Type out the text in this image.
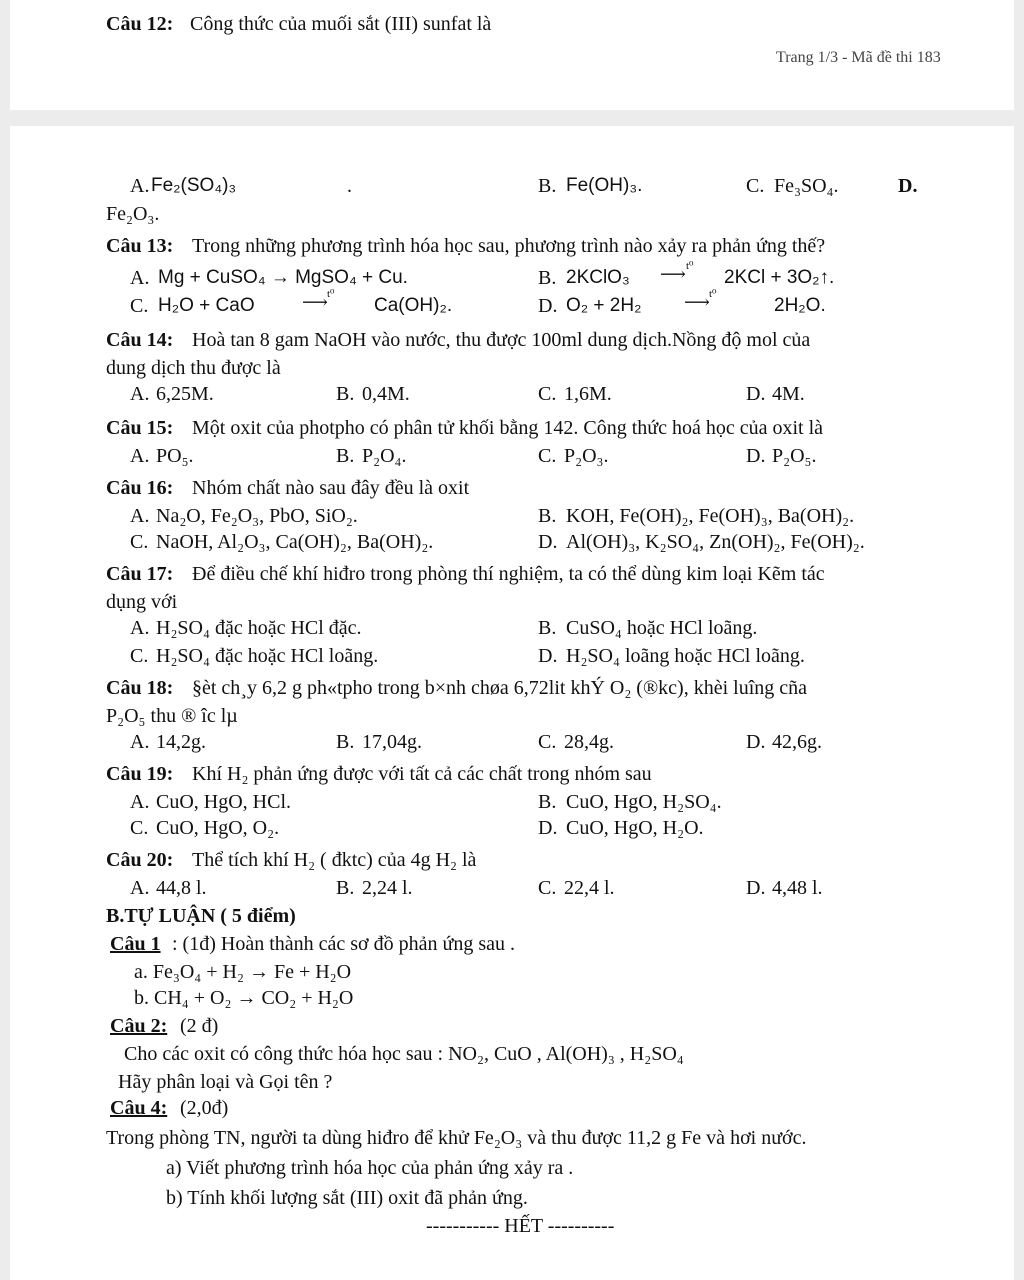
Câu 12: Công thức của muối sắt (III) sunfat là
Trang 1/3 - Mã đề thi 183
A. Fe₂(SO₄)₃	.	B. Fe(OH)₃.	C. Fe₃SO₄.	D.
Fe₂O₃.
Câu 13: Trong những phương trình hóa học sau, phương trình nào xảy ra phản ứng thế?
A. Mg + CuSO₄ → MgSO₄ + Cu.	B. 2KClO₃
t⁰
⟶ 2KCl + 3O₂↑.
C. H₂O + CaO
t⁰
⟶ Ca(OH)₂.	D. O₂ + 2H₂
t⁰
⟶	2H₂O.
Câu 14: Hoà tan 8 gam NaOH vào nước, thu được 100ml dung dịch.Nồng độ mol của
dung dịch thu được là
A. 6,25M.	B. 0,4M.	C. 1,6M.	D. 4M.
Câu 15: Một oxit của photpho có phân tử khối bằng 142. Công thức hoá học của oxit là
A. PO₅.	B. P₂O₄.	C. P₂O₃.	D. P₂O₅.
Câu 16: Nhóm chất nào sau đây đều là oxit
A. Na₂O, Fe₂O₃, PbO, SiO₂.	B. KOH, Fe(OH)₂, Fe(OH)₃, Ba(OH)₂.
C. NaOH, Al₂O₃, Ca(OH)₂, Ba(OH)₂.	D. Al(OH)₃, K₂SO₄, Zn(OH)₂, Fe(OH)₂.
Câu 17: Để điều chế khí hiđro trong phòng thí nghiệm, ta có thể dùng kim loại Kẽm tác
dụng với
A. H₂SO₄ đặc hoặc HCl đặc.	B. CuSO₄ hoặc HCl loãng.
C. H₂SO₄ đặc hoặc HCl loãng.	D. H₂SO₄ loãng hoặc HCl loãng.
Câu 18: §èt ch¸y 6,2 g ph«tpho trong b×nh chøa 6,72lit khÝ O₂ (®kc), khèi luîng cña
P₂O₅ thu ® îc lµ
A. 14,2g.	B. 17,04g.	C. 28,4g.	D. 42,6g.
Câu 19: Khí H₂ phản ứng được với tất cả các chất trong nhóm sau
A. CuO, HgO, HCl.	B. CuO, HgO, H₂SO₄.
C. CuO, HgO, O₂.	D. CuO, HgO, H₂O.
Câu 20: Thể tích khí H₂ ( đktc) của 4g H₂ là
A. 44,8 l.	B. 2,24 l.	C. 22,4 l.	D. 4,48 l.
B.TỰ LUẬN ( 5 điểm)
Câu 1 : (1đ) Hoàn thành các sơ đồ phản ứng sau .
a. Fe₃O₄ + H₂ → Fe + H₂O
b. CH₄ + O₂ → CO₂ + H₂O
Câu 2: (2 đ)
Cho các oxit có công thức hóa học sau : NO₂, CuO , Al(OH)₃ , H₂SO₄
Hãy phân loại và Gọi tên ?
Câu 4: (2,0đ)
Trong phòng TN, người ta dùng hiđro để khử Fe₂O₃ và thu được 11,2 g Fe và hơi nước.
a) Viết phương trình hóa học của phản ứng xảy ra .
b) Tính khối lượng sắt (III) oxit đã phản ứng.
----------- HẾT ----------
